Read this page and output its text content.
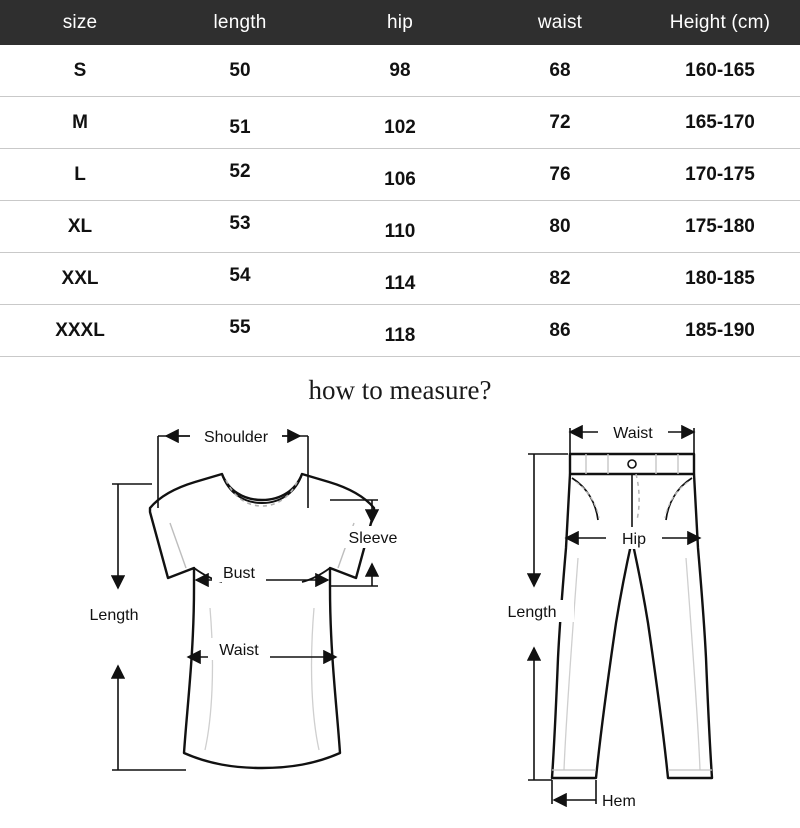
size	length	hip	waist	Height (cm)
S	50	98	68	160-165
M	51	102	72	165-170
L	52	106	76	170-175
XL	53	110	80	175-180
XXL	54	114	82	180-185
XXXL	55	118	86	185-190
how to measure?
Shoulder
Sleeve
Bust
Waist
Length
Waist
Hip
Length
Hem
